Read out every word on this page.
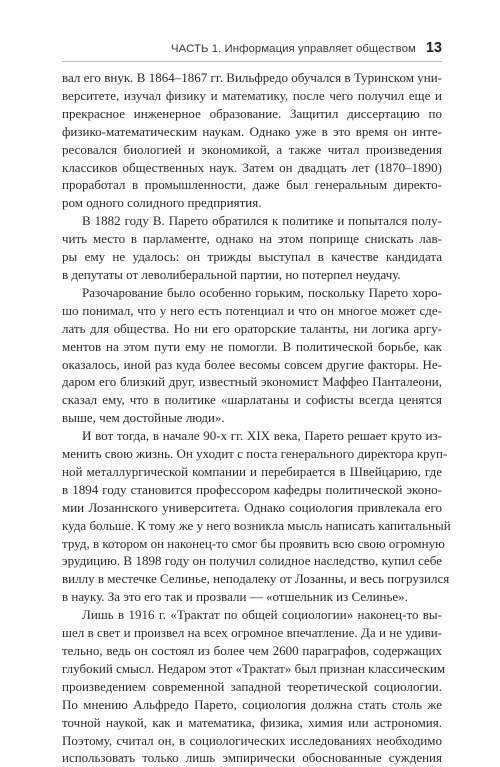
ЧАСТЬ 1. Информация управляет обществом 13
вал его внук. В 1864–1867 гг. Вильфредо обучался в Туринском уни-
верситете, изучал физику и математику, после чего получил еще и
прекрасное инженерное образование. Защитил диссертацию по
физико-математическим наукам. Однако уже в это время он инте-
ресовался биологией и экономикой, а также читал произведения
классиков общественных наук. Затем он двадцать лет (1870–1890)
проработал в промышленности, даже был генеральным директо-
ром одного солидного предприятия.
В 1882 году В. Парето обратился к политике и попытался полу-
чить место в парламенте, однако на этом поприще снискать лав-
ры ему не удалось: он трижды выступал в качестве кандидата
в депутаты от леволиберальной партии, но потерпел неудачу.
Разочарование было особенно горьким, поскольку Парето хоро-
шо понимал, что у него есть потенциал и что он многое может сде-
лать для общества. Но ни его ораторские таланты, ни логика аргу-
ментов на этом пути ему не помогли. В политической борьбе, как
оказалось, иной раз куда более весомы совсем другие факторы. Не-
даром его близкий друг, известный экономист Маффео Панталеони,
сказал ему, что в политике «шарлатаны и софисты всегда ценятся
выше, чем достойные люди».
И вот тогда, в начале 90-х гг. XIX века, Парето решает круто из-
менить свою жизнь. Он уходит с поста генерального директора круп-
ной металлургической компании и перебирается в Швейцарию, где
в 1894 году становится профессором кафедры политической эконо-
мии Лозаннского университета. Однако социология привлекала его
куда больше. К тому же у него возникла мысль написать капитальный
труд, в котором он наконец-то смог бы проявить всю свою огромную
эрудицию. В 1898 году он получил солидное наследство, купил себе
виллу в местечке Селинье, неподалеку от Лозанны, и весь погрузился
в науку. За это его так и прозвали — «отшельник из Селинье».
Лишь в 1916 г. «Трактат по общей социологии» наконец-то вы-
шел в свет и произвел на всех огромное впечатление. Да и не удиви-
тельно, ведь он состоял из более чем 2600 параграфов, содержащих
глубокий смысл. Недаром этот «Трактат» был признан классическим
произведением современной западной теоретической социологии.
По мнению Альфредо Парето, социология должна стать столь же
точной наукой, как и математика, физика, химия или астрономия.
Поэтому, считал он, в социологических исследованиях необходимо
использовать только лишь эмпирически обоснованные суждения
